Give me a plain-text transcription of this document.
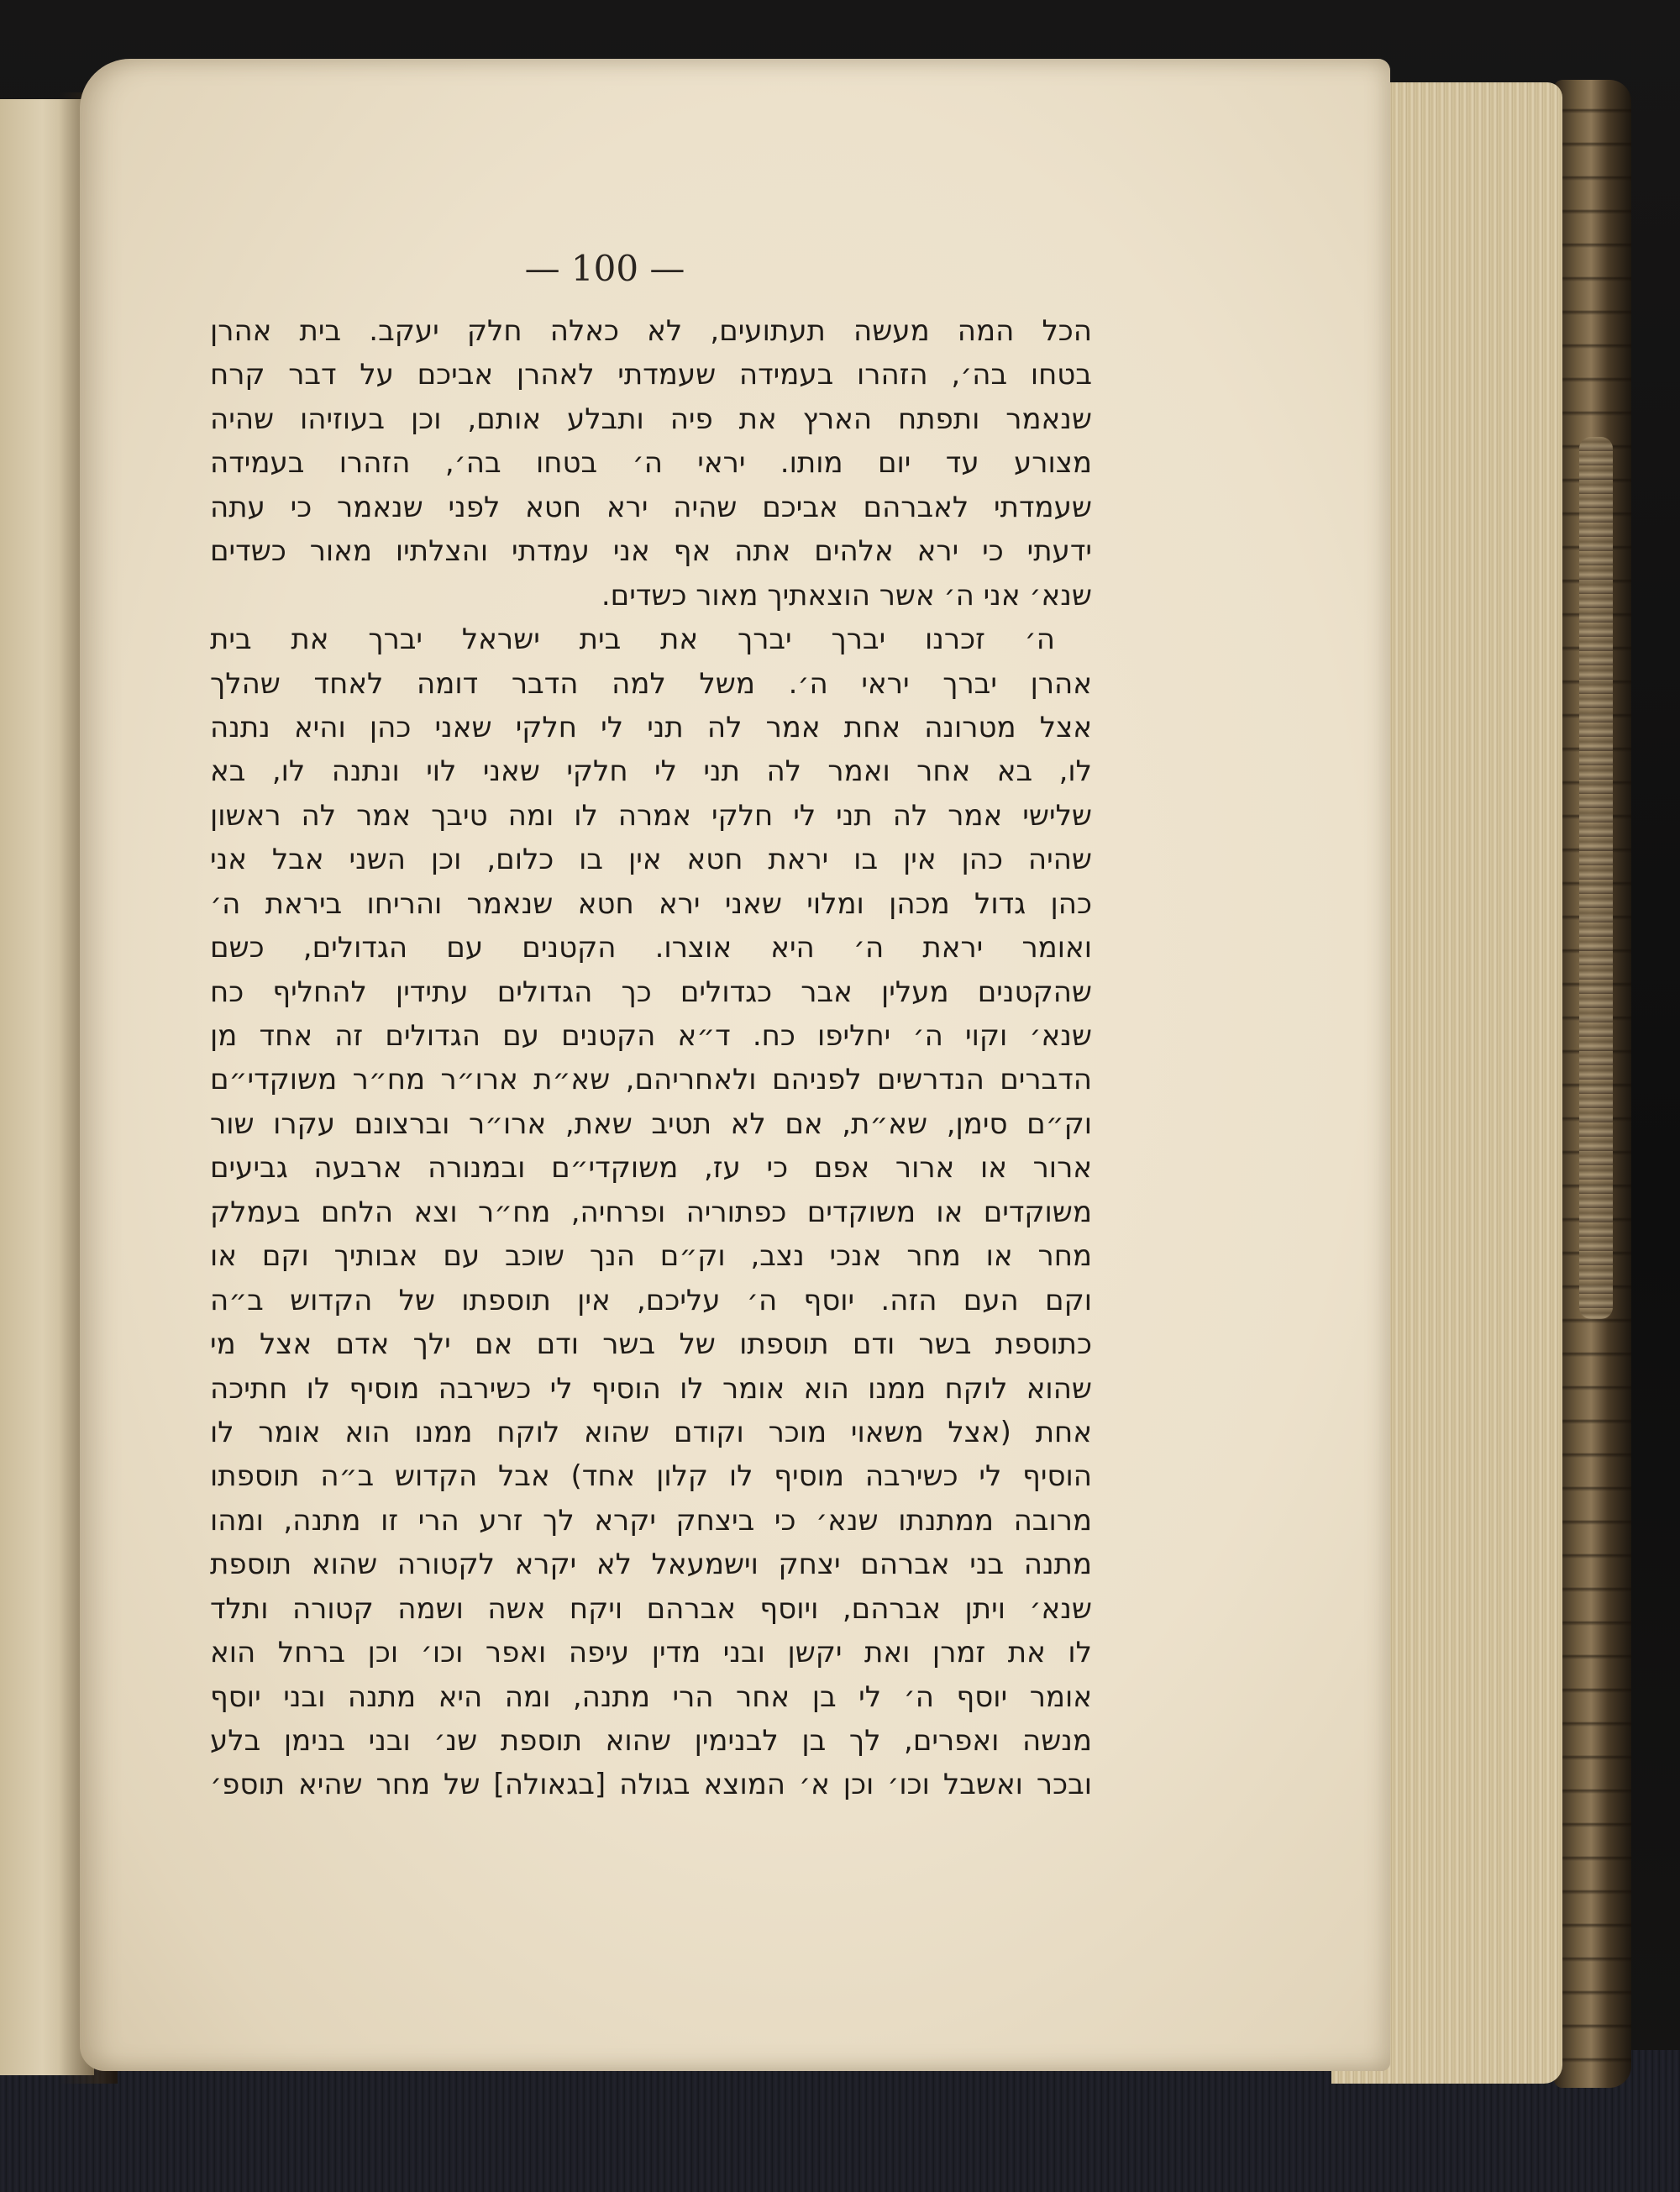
— 100 —
הכל המה מעשה תעתועים, לא כאלה חלק יעקב. בית אהרן
בטחו בה׳, הזהרו בעמידה שעמדתי לאהרן אביכם על דבר קרח
שנאמר ותפתח הארץ את פיה ותבלע אותם, וכן בעוזיהו שהיה
מצורע עד יום מותו. יראי ה׳ בטחו בה׳, הזהרו בעמידה
שעמדתי לאברהם אביכם שהיה ירא חטא לפני שנאמר כי עתה
ידעתי כי ירא אלהים אתה אף אני עמדתי והצלתיו מאור כשדים
שנא׳ אני ה׳ אשר הוצאתיך מאור כשדים.
ה׳ זכרנו יברך יברך את בית ישראל יברך את בית
אהרן יברך יראי ה׳. משל למה הדבר דומה לאחד שהלך
אצל מטרונה אחת אמר לה תני לי חלקי שאני כהן והיא נתנה
לו, בא אחר ואמר לה תני לי חלקי שאני לוי ונתנה לו, בא
שלישי אמר לה תני לי חלקי אמרה לו ומה טיבך אמר לה ראשון
שהיה כהן אין בו יראת חטא אין בו כלום, וכן השני אבל אני
כהן גדול מכהן ומלוי שאני ירא חטא שנאמר והריחו ביראת ה׳
ואומר יראת ה׳ היא אוצרו. הקטנים עם הגדולים, כשם
שהקטנים מעלין אבר כגדולים כך הגדולים עתידין להחליף כח
שנא׳ וקוי ה׳ יחליפו כח. ד״א הקטנים עם הגדולים זה אחד מן
הדברים הנדרשים לפניהם ולאחריהם, שא״ת ארו״ר מח״ר משוקדי״ם
וק״ם סימן, שא״ת, אם לא תטיב שאת, ארו״ר וברצונם עקרו שור
ארור או ארור אפם כי עז, משוקדי״ם ובמנורה ארבעה גביעים
משוקדים או משוקדים כפתוריה ופרחיה, מח״ר וצא הלחם בעמלק
מחר או מחר אנכי נצב, וק״ם הנך שוכב עם אבותיך וקם או
וקם העם הזה. יוסף ה׳ עליכם, אין תוספתו של הקדוש ב״ה
כתוספת בשר ודם תוספתו של בשר ודם אם ילך אדם אצל מי
שהוא לוקח ממנו הוא אומר לו הוסיף לי כשירבה מוסיף לו חתיכה
אחת (אצל משאוי מוכר וקודם שהוא לוקח ממנו הוא אומר לו
הוסיף לי כשירבה מוסיף לו קלון אחד) אבל הקדוש ב״ה תוספתו
מרובה ממתנתו שנא׳ כי ביצחק יקרא לך זרע הרי זו מתנה, ומהו
מתנה בני אברהם יצחק וישמעאל לא יקרא לקטורה שהוא תוספת
שנא׳ ויתן אברהם, ויוסף אברהם ויקח אשה ושמה קטורה ותלד
לו את זמרן ואת יקשן ובני מדין עיפה ואפר וכו׳ וכן ברחל הוא
אומר יוסף ה׳ לי בן אחר הרי מתנה, ומה היא מתנה ובני יוסף
מנשה ואפרים, לך בן לבנימין שהוא תוספת שנ׳ ובני בנימן בלע
ובכר ואשבל וכו׳ וכן א׳ המוצא בגולה [בגאולה] של מחר שהיא תוספ׳
